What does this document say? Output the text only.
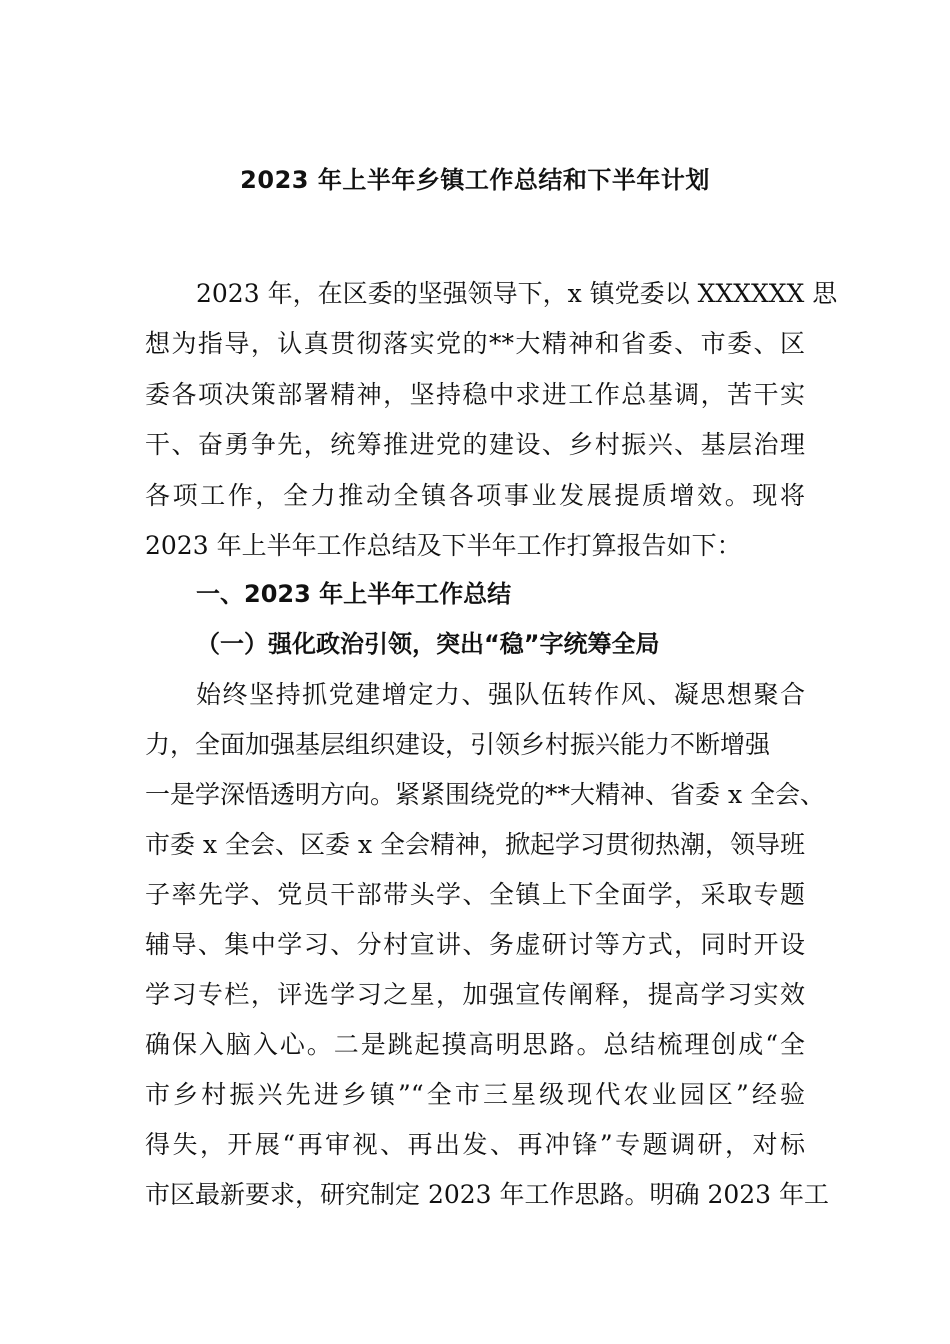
2023 年上半年乡镇工作总结和下半年计划
2023 年，在区委的坚强领导下，x 镇党委以 XXXXXX 思
想为指导，认真贯彻落实党的**大精神和省委、市委、区
委各项决策部署精神，坚持稳中求进工作总基调，苦干实
干、奋勇争先，统筹推进党的建设、乡村振兴、基层治理
各项工作，全力推动全镇各项事业发展提质增效。现将
2023 年上半年工作总结及下半年工作打算报告如下：
一、2023 年上半年工作总结
（一）强化政治引领，突出“稳”字统筹全局
始终坚持抓党建增定力、强队伍转作风、凝思想聚合
力，全面加强基层组织建设，引领乡村振兴能力不断增强
一是学深悟透明方向。紧紧围绕党的**大精神、省委 x 全会、
市委 x 全会、区委 x 全会精神，掀起学习贯彻热潮，领导班
子率先学、党员干部带头学、全镇上下全面学，采取专题
辅导、集中学习、分村宣讲、务虚研讨等方式，同时开设
学习专栏，评选学习之星，加强宣传阐释，提高学习实效
确保入脑入心。二是跳起摸高明思路。总结梳理创成“全
市乡村振兴先进乡镇”“全市三星级现代农业园区”经验
得失，开展“再审视、再出发、再冲锋”专题调研，对标
市区最新要求，研究制定 2023 年工作思路。明确 2023 年工
